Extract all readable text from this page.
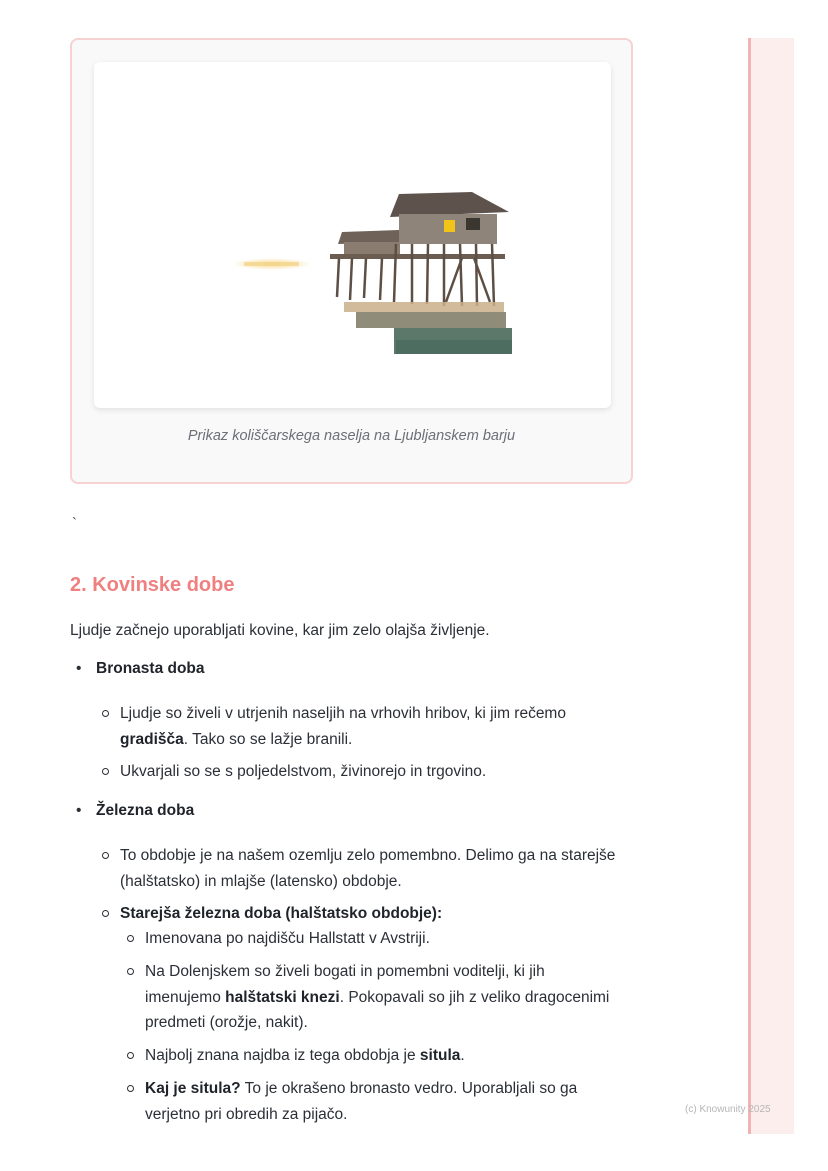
Prikaz koliščarskega naselja na Ljubljanskem barju
`
2. Kovinske dobe
Ljudje začnejo uporabljati kovine, kar jim zelo olajša življenje.
• Bronasta doba
Ljudje so živeli v utrjenih naseljih na vrhovih hribov, ki jim rečemo
gradišča. Tako so se lažje branili.
Ukvarjali so se s poljedelstvom, živinorejo in trgovino.
• Železna doba
To obdobje je na našem ozemlju zelo pomembno. Delimo ga na starejše
(halštatsko) in mlajše (latensko) obdobje.
Starejša železna doba (halštatsko obdobje):
Imenovana po najdišču Hallstatt v Avstriji.
Na Dolenjskem so živeli bogati in pomembni voditelji, ki jih
imenujemo halštatski knezi. Pokopavali so jih z veliko dragocenimi
predmeti (orožje, nakit).
Najbolj znana najdba iz tega obdobja je situla.
Kaj je situla? To je okrašeno bronasto vedro. Uporabljali so ga
verjetno pri obredih za pijačo.	(c) Knowunity 2025
